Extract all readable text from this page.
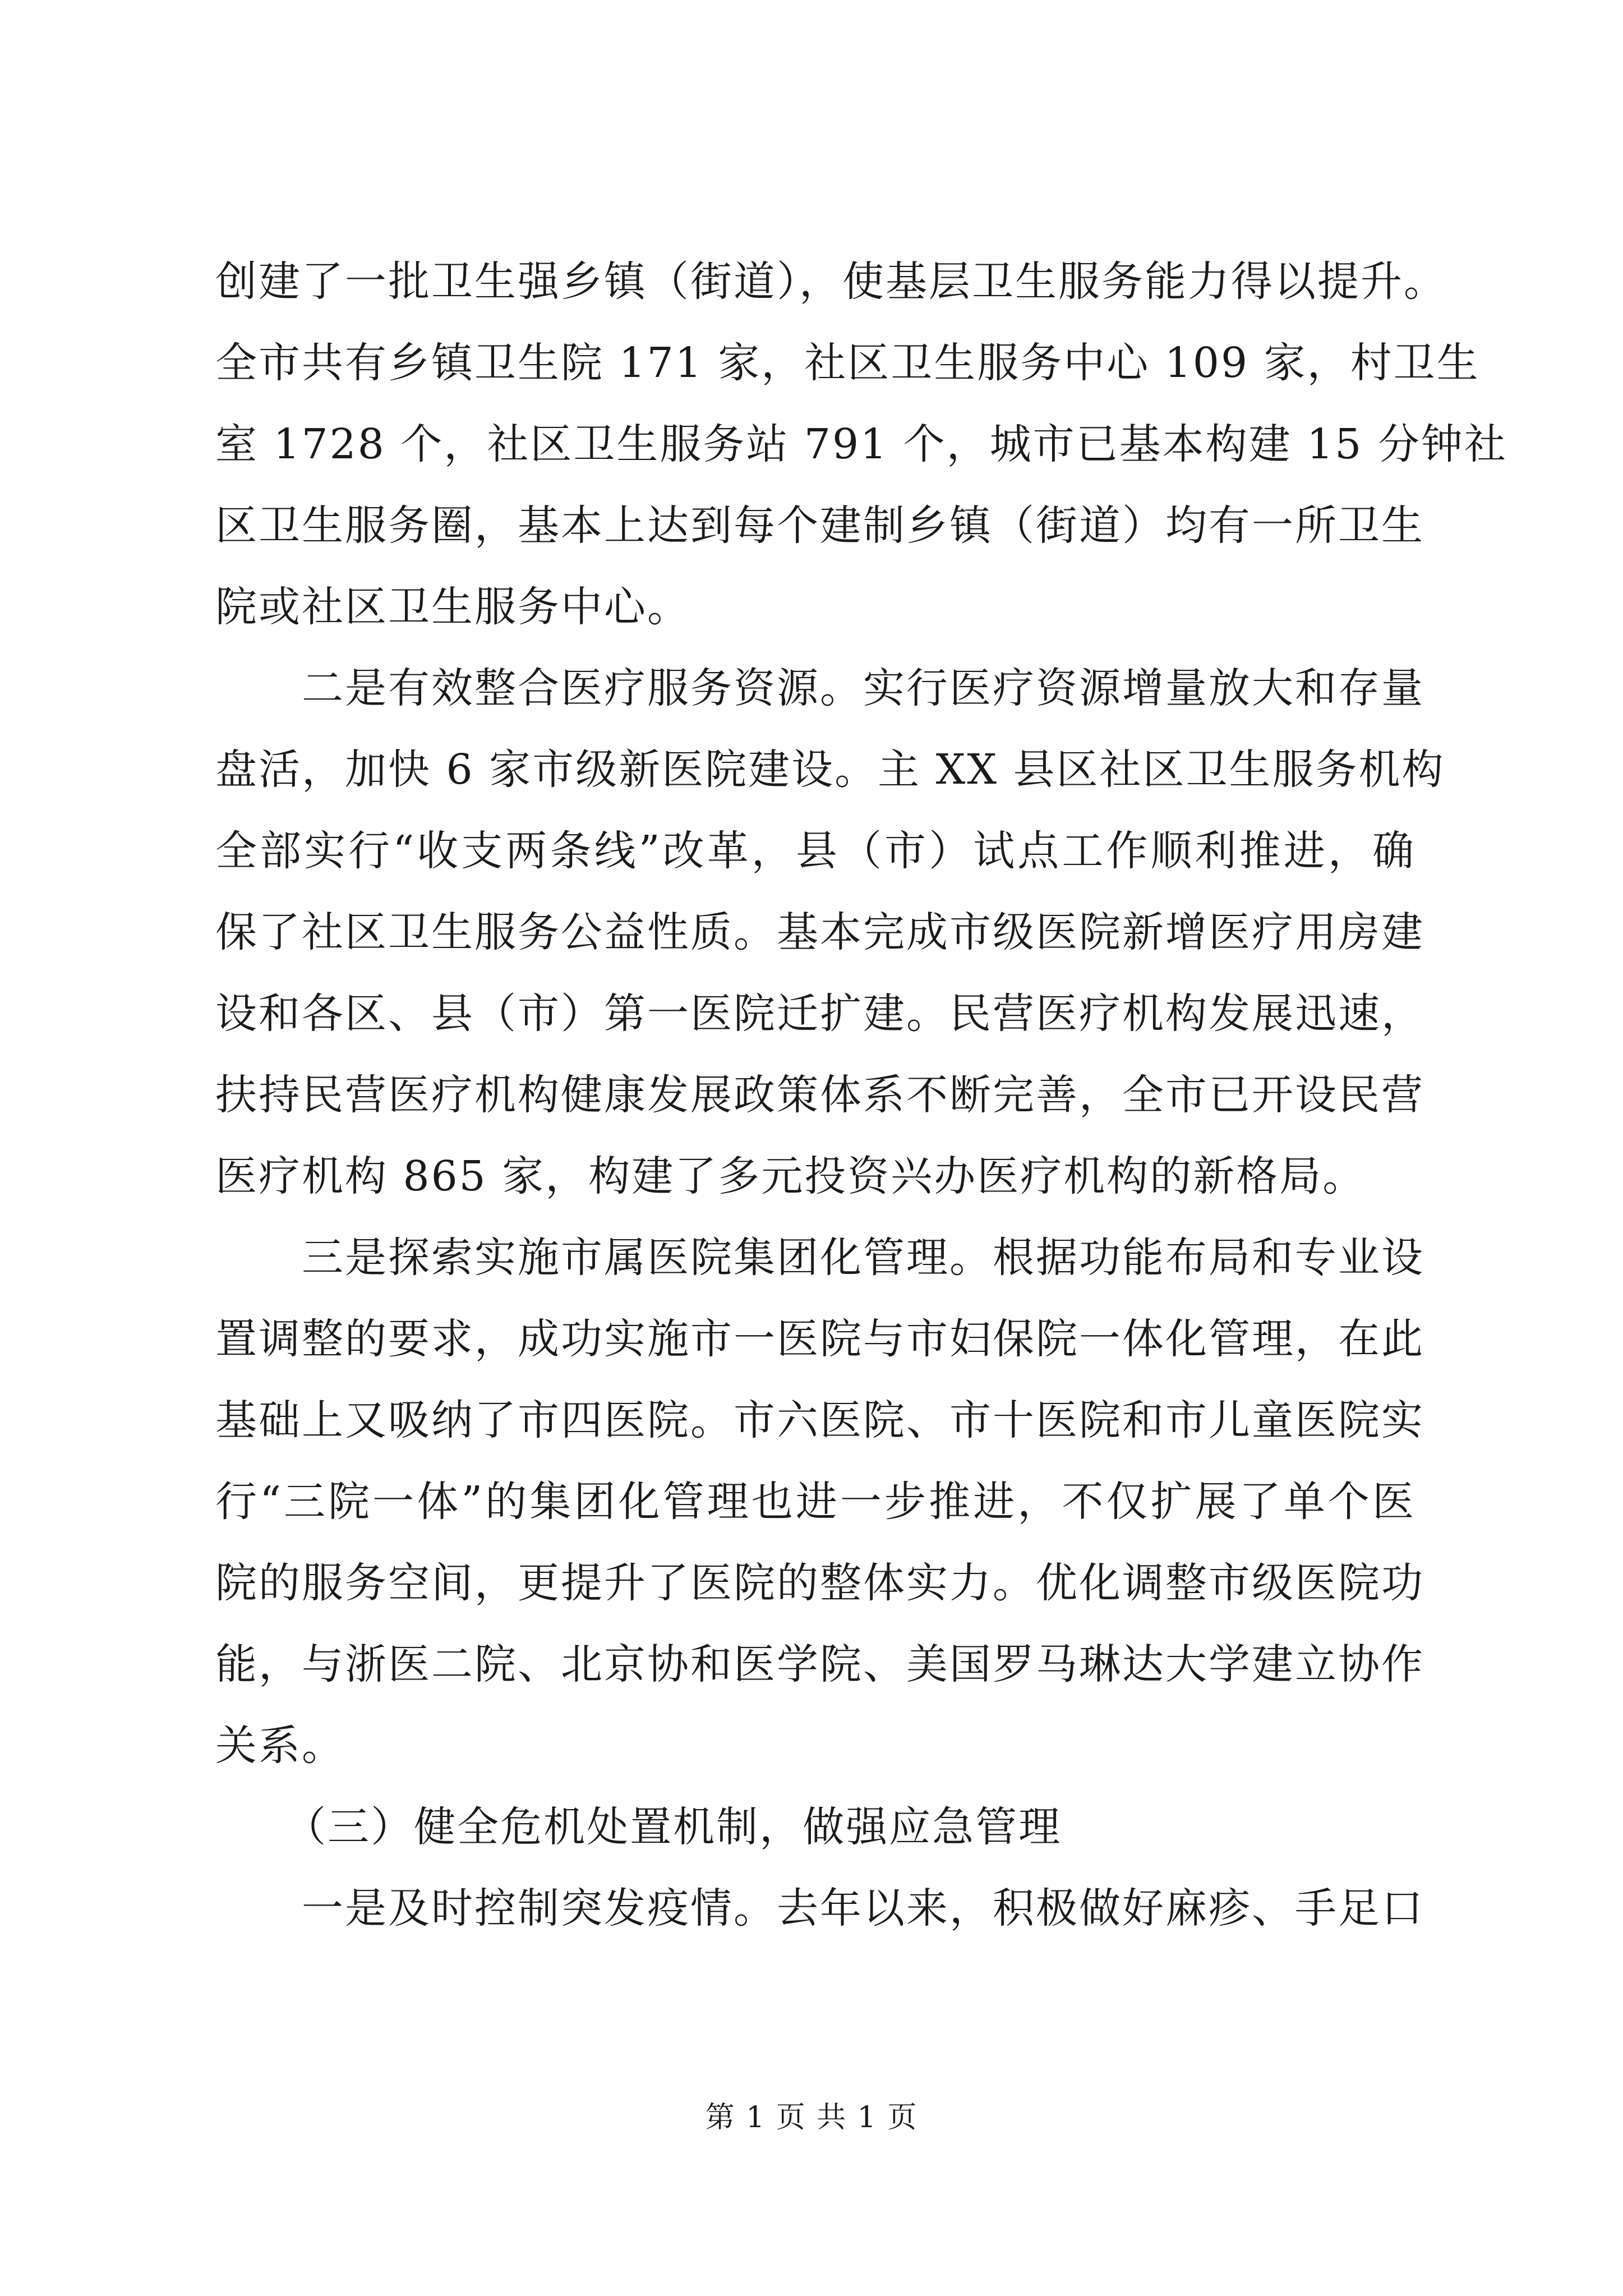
创建了一批卫生强乡镇（街道），使基层卫生服务能力得以提升。
全市共有乡镇卫生院 171 家，社区卫生服务中心 109 家，村卫生
室 1728 个，社区卫生服务站 791 个，城市已基本构建 15 分钟社
区卫生服务圈，基本上达到每个建制乡镇（街道）均有一所卫生
院或社区卫生服务中心。
二是有效整合医疗服务资源。实行医疗资源增量放大和存量
盘活，加快 6 家市级新医院建设。主 XX 县区社区卫生服务机构
全部实行“收支两条线”改革，县（市）试点工作顺利推进，确
保了社区卫生服务公益性质。基本完成市级医院新增医疗用房建
设和各区、县（市）第一医院迁扩建。民营医疗机构发展迅速，
扶持民营医疗机构健康发展政策体系不断完善，全市已开设民营
医疗机构 865 家，构建了多元投资兴办医疗机构的新格局。
三是探索实施市属医院集团化管理。根据功能布局和专业设
置调整的要求，成功实施市一医院与市妇保院一体化管理，在此
基础上又吸纳了市四医院。市六医院、市十医院和市儿童医院实
行“三院一体”的集团化管理也进一步推进，不仅扩展了单个医
院的服务空间，更提升了医院的整体实力。优化调整市级医院功
能，与浙医二院、北京协和医学院、美国罗马琳达大学建立协作
关系。
（三）健全危机处置机制，做强应急管理
一是及时控制突发疫情。去年以来，积极做好麻疹、手足口
第 1 页 共 1 页
